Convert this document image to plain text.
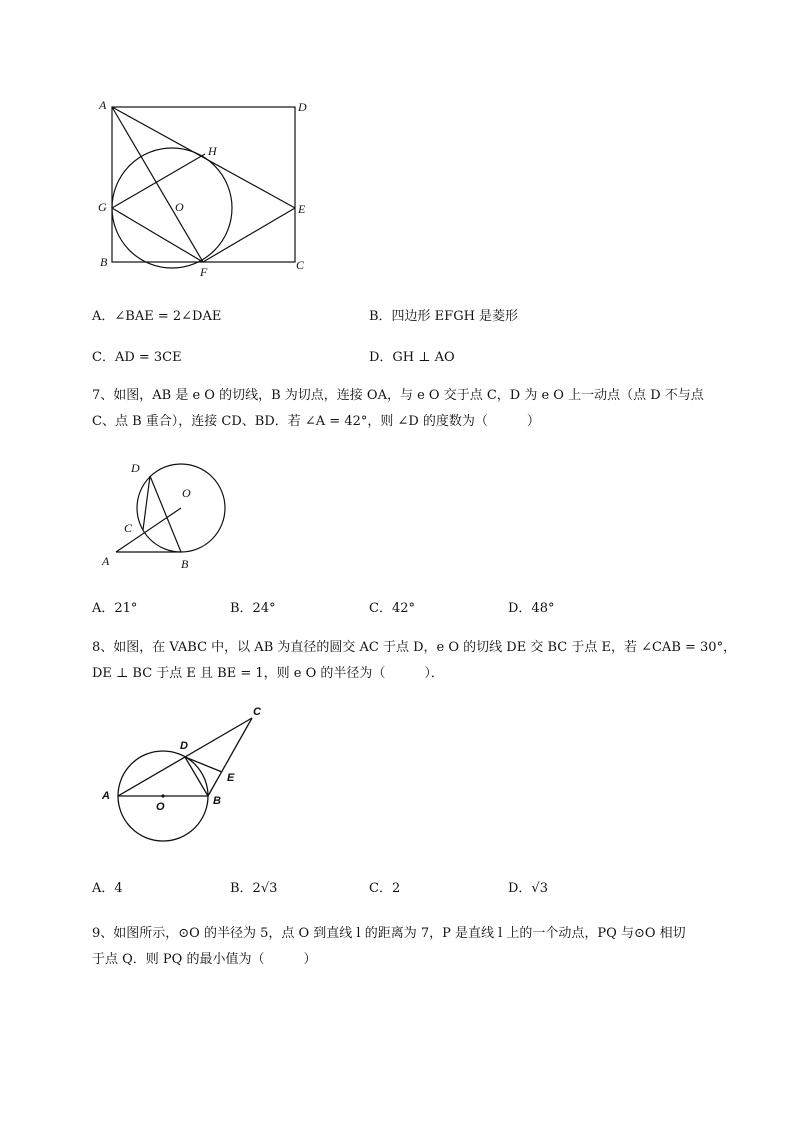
A	D
H
G	O	E
B
F	C
A．∠BAE = 2∠DAE	B．四边形 EFGH 是菱形
C．AD = 3CE	D．GH ⊥ AO
7、如图，AB 是 e O 的切线，B 为切点，连接 OA，与 e O 交于点 C，D 为 e O 上一动点（点 D 不与点
C、点 B 重合），连接 CD、BD．若 ∠A = 42°，则 ∠D 的度数为（　　　）
D
O
C
A	B
A．21°	B．24°	C．42°	D．48°
8、如图，在 VABC 中，以 AB 为直径的圆交 AC 于点 D，e O 的切线 DE 交 BC 于点 E，若 ∠CAB = 30°，
DE ⊥ BC 于点 E 且 BE = 1，则 e O 的半径为（　　　）．
C
D
E
A
O	B
A．4	B．2√3	C．2	D．√3
9、如图所示，⊙O 的半径为 5，点 O 到直线 l 的距离为 7，P 是直线 l 上的一个动点，PQ 与⊙O 相切
于点 Q．则 PQ 的最小值为（　　　）
